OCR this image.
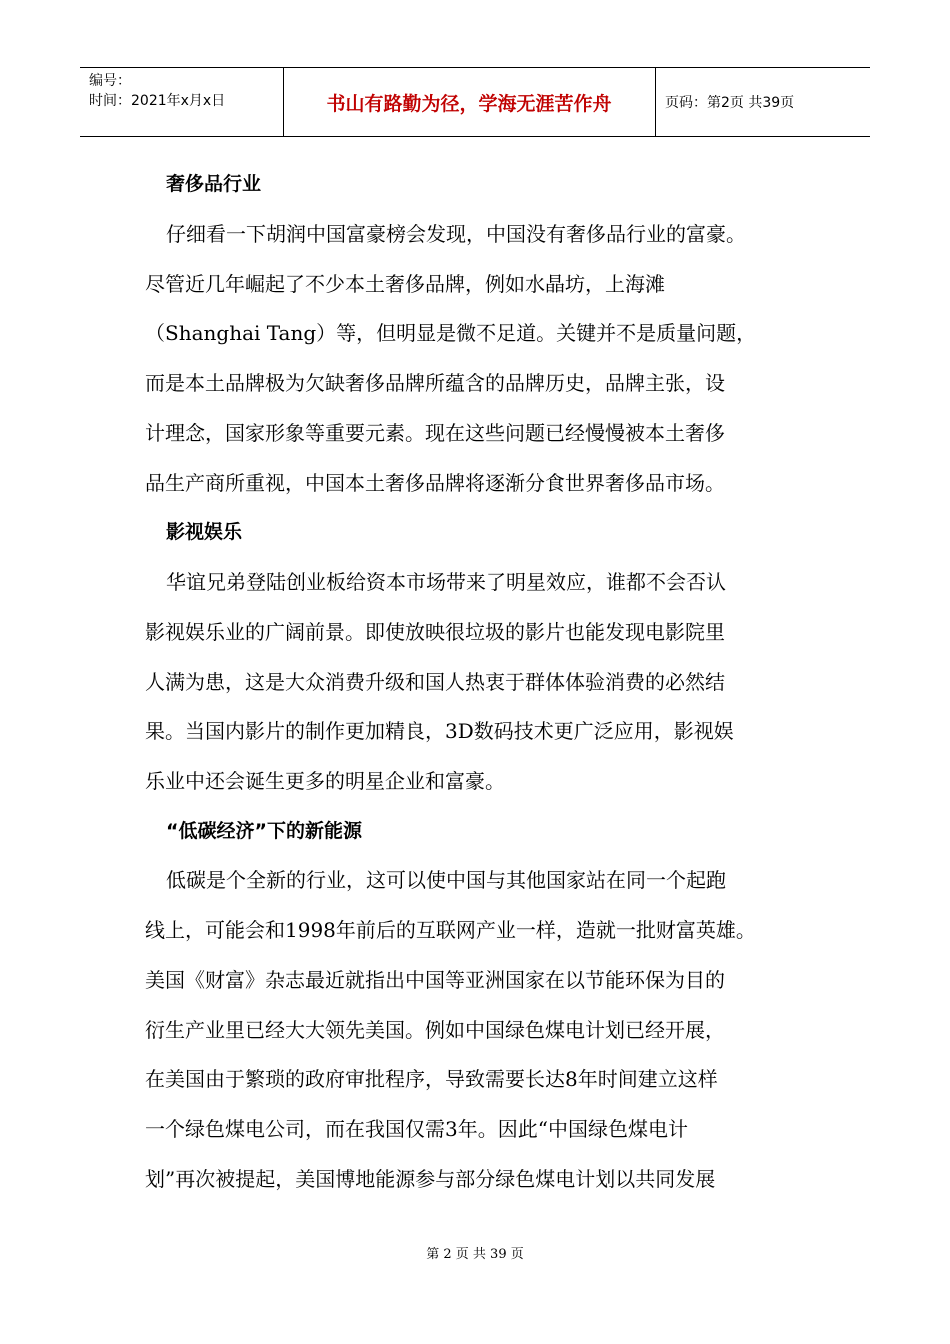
编号：
时间：2021年x月x日	书山有路勤为径，学海无涯苦作舟	页码：第2页 共39页
奢侈品行业
仔细看一下胡润中国富豪榜会发现，中国没有奢侈品行业的富豪。
尽管近几年崛起了不少本土奢侈品牌，例如水晶坊，上海滩
（Shanghai Tang）等，但明显是微不足道。关键并不是质量问题，
而是本土品牌极为欠缺奢侈品牌所蕴含的品牌历史，品牌主张，设
计理念，国家形象等重要元素。现在这些问题已经慢慢被本土奢侈
品生产商所重视，中国本土奢侈品牌将逐渐分食世界奢侈品市场。
影视娱乐
华谊兄弟登陆创业板给资本市场带来了明星效应，谁都不会否认
影视娱乐业的广阔前景。即使放映很垃圾的影片也能发现电影院里
人满为患，这是大众消费升级和国人热衷于群体体验消费的必然结
果。当国内影片的制作更加精良，3D数码技术更广泛应用，影视娱
乐业中还会诞生更多的明星企业和富豪。
“低碳经济”下的新能源
低碳是个全新的行业，这可以使中国与其他国家站在同一个起跑
线上，可能会和1998年前后的互联网产业一样，造就一批财富英雄。
美国《财富》杂志最近就指出中国等亚洲国家在以节能环保为目的
衍生产业里已经大大领先美国。例如中国绿色煤电计划已经开展，
在美国由于繁琐的政府审批程序，导致需要长达8年时间建立这样
一个绿色煤电公司，而在我国仅需3年。因此“中国绿色煤电计
划”再次被提起，美国博地能源参与部分绿色煤电计划以共同发展
第 2 页 共 39 页
